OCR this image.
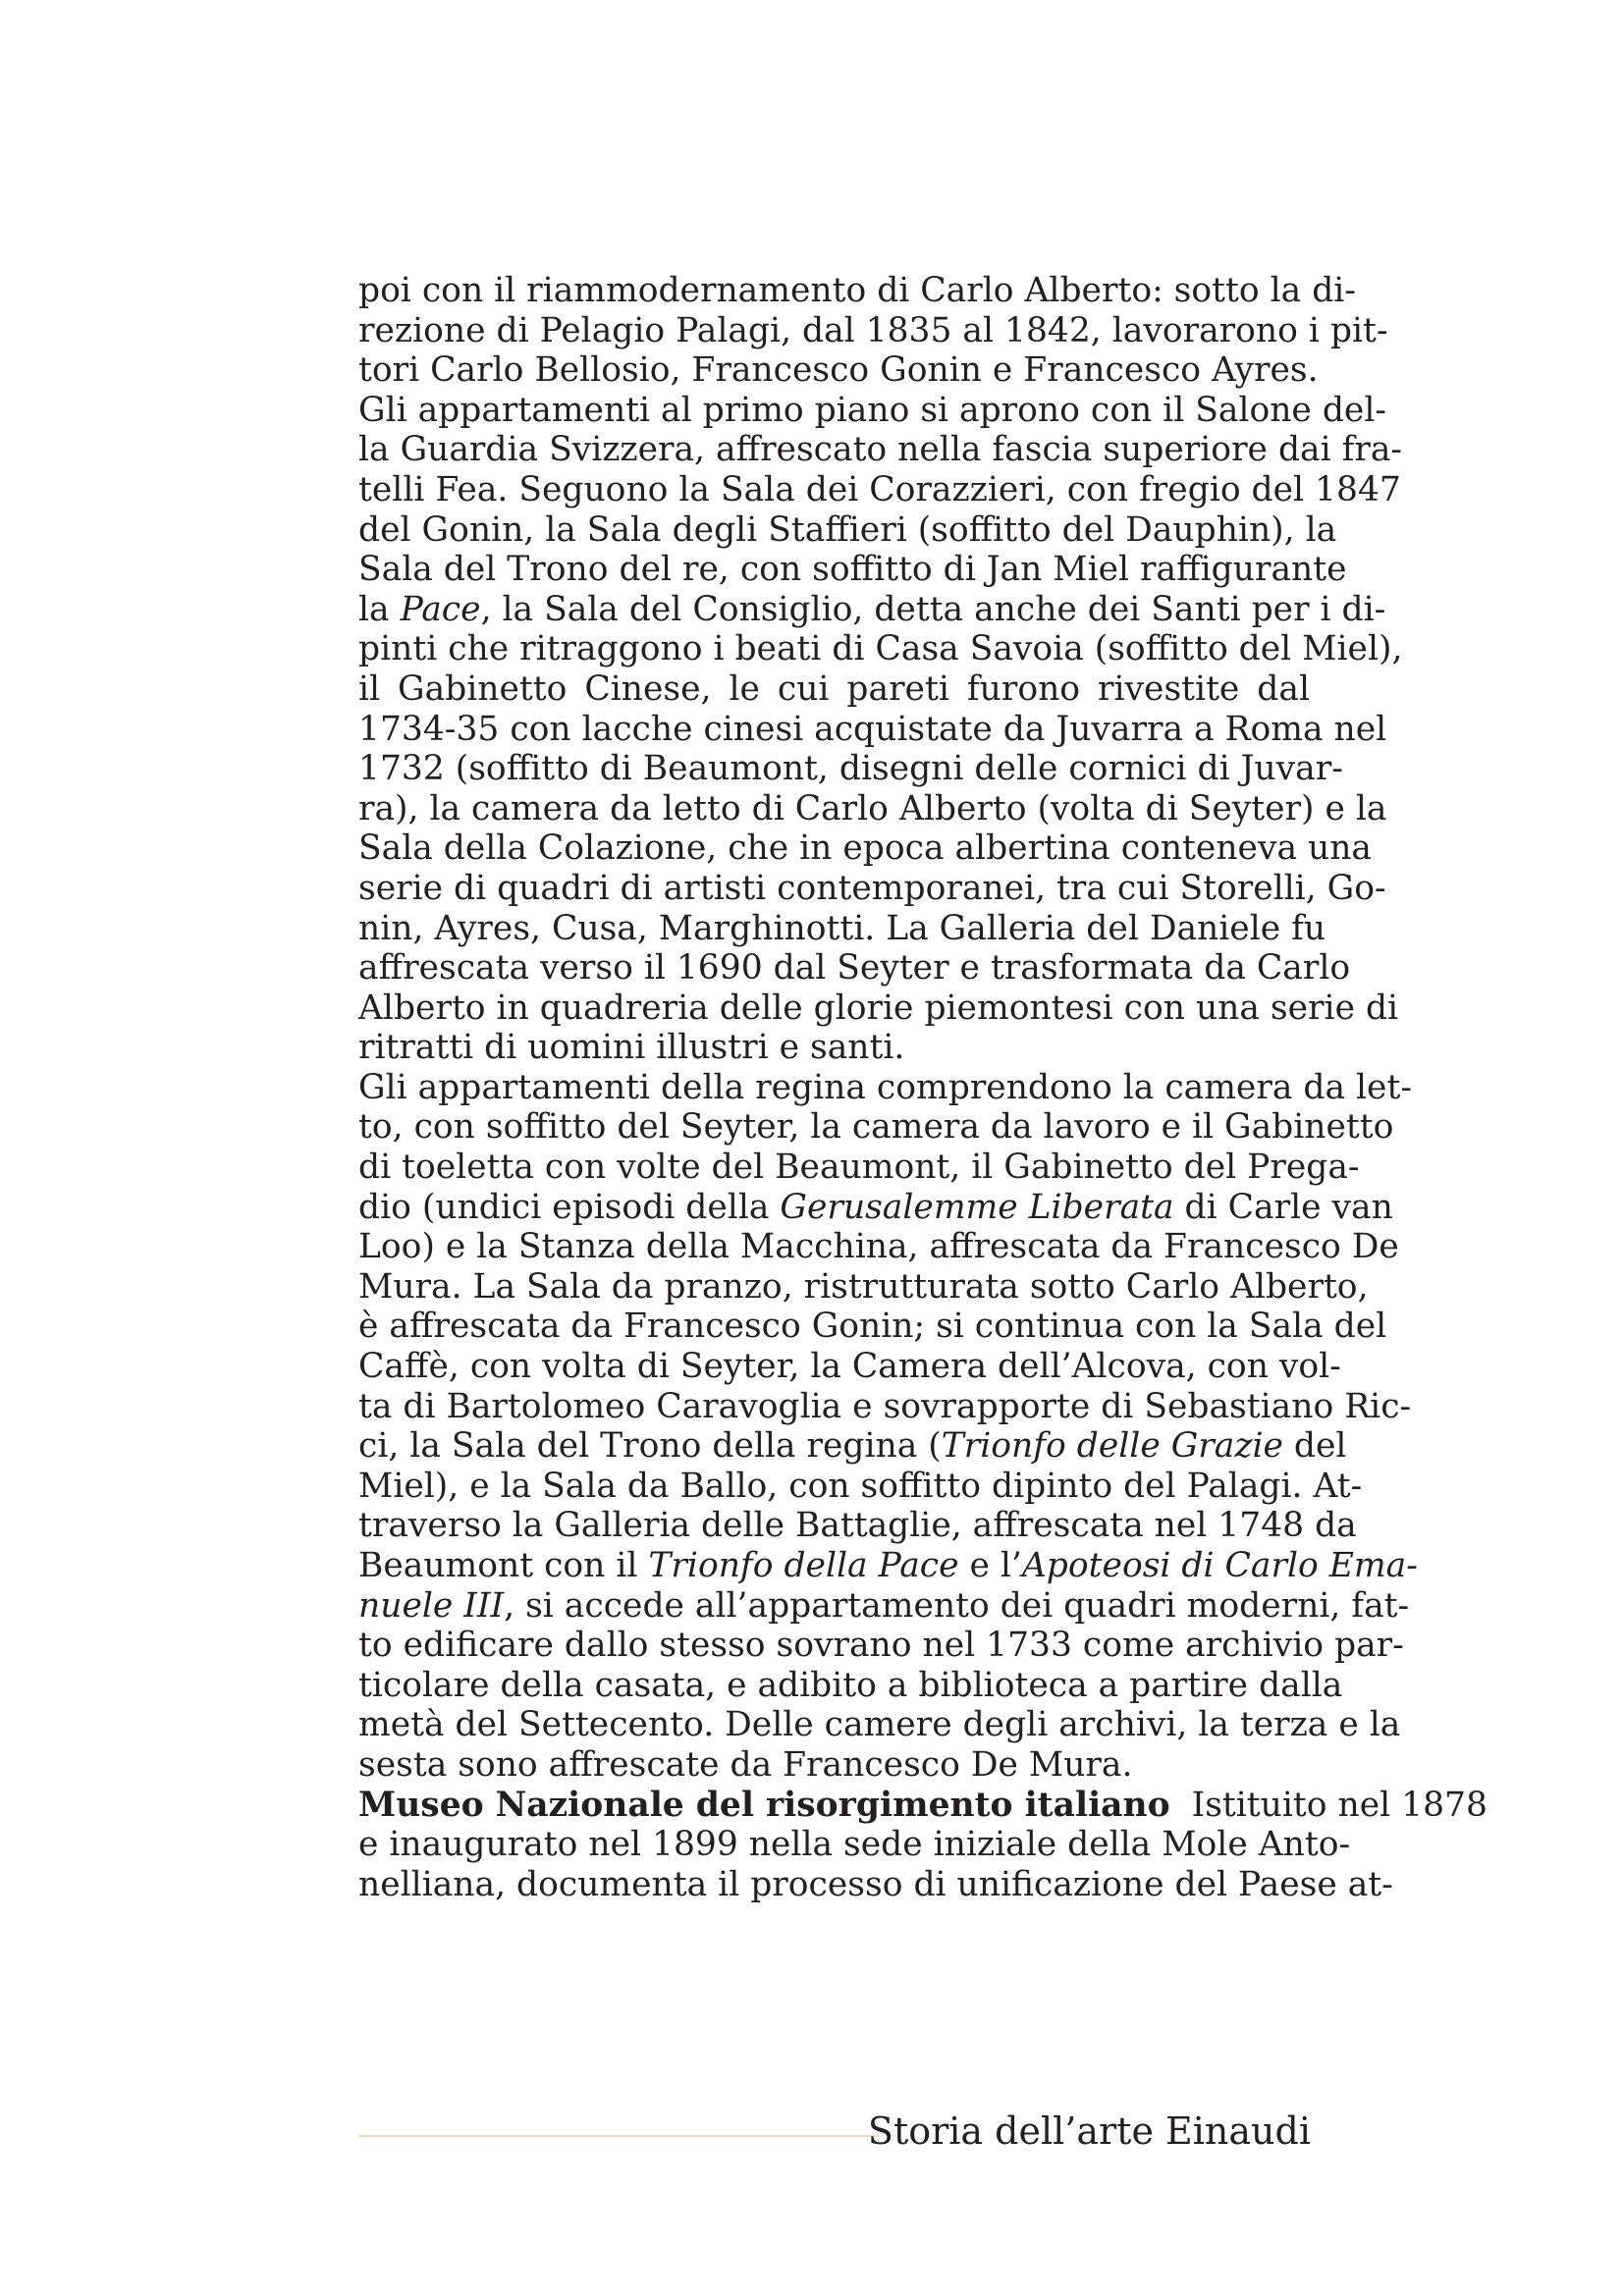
poi con il riammodernamento di Carlo Alberto: sotto la di-
rezione di Pelagio Palagi, dal 1835 al 1842, lavorarono i pit-
tori Carlo Bellosio, Francesco Gonin e Francesco Ayres.
Gli appartamenti al primo piano si aprono con il Salone del-
la Guardia Svizzera, affrescato nella fascia superiore dai fra-
telli Fea. Seguono la Sala dei Corazzieri, con fregio del 1847
del Gonin, la Sala degli Staffieri (soffitto del Dauphin), la
Sala del Trono del re, con soffitto di Jan Miel raffigurante
la Pace, la Sala del Consiglio, detta anche dei Santi per i di-
pinti che ritraggono i beati di Casa Savoia (soffitto del Miel),
il Gabinetto Cinese, le cui pareti furono rivestite dal
1734-35 con lacche cinesi acquistate da Juvarra a Roma nel
1732 (soffitto di Beaumont, disegni delle cornici di Juvar-
ra), la camera da letto di Carlo Alberto (volta di Seyter) e la
Sala della Colazione, che in epoca albertina conteneva una
serie di quadri di artisti contemporanei, tra cui Storelli, Go-
nin, Ayres, Cusa, Marghinotti. La Galleria del Daniele fu
affrescata verso il 1690 dal Seyter e trasformata da Carlo
Alberto in quadreria delle glorie piemontesi con una serie di
ritratti di uomini illustri e santi.
Gli appartamenti della regina comprendono la camera da let-
to, con soffitto del Seyter, la camera da lavoro e il Gabinetto
di toeletta con volte del Beaumont, il Gabinetto del Prega-
dio (undici episodi della Gerusalemme Liberata di Carle van
Loo) e la Stanza della Macchina, affrescata da Francesco De
Mura. La Sala da pranzo, ristrutturata sotto Carlo Alberto,
è affrescata da Francesco Gonin; si continua con la Sala del
Caffè, con volta di Seyter, la Camera dell’Alcova, con vol-
ta di Bartolomeo Caravoglia e sovrapporte di Sebastiano Ric-
ci, la Sala del Trono della regina (Trionfo delle Grazie del
Miel), e la Sala da Ballo, con soffitto dipinto del Palagi. At-
traverso la Galleria delle Battaglie, affrescata nel 1748 da
Beaumont con il Trionfo della Pace e l’Apoteosi di Carlo Ema-
nuele III, si accede all’appartamento dei quadri moderni, fat-
to edificare dallo stesso sovrano nel 1733 come archivio par-
ticolare della casata, e adibito a biblioteca a partire dalla
metà del Settecento. Delle camere degli archivi, la terza e la
sesta sono affrescate da Francesco De Mura.
Museo Nazionale del risorgimento italiano  Istituito nel 1878
e inaugurato nel 1899 nella sede iniziale della Mole Anto-
nelliana, documenta il processo di unificazione del Paese at-
Storia dell’arte Einaudi
